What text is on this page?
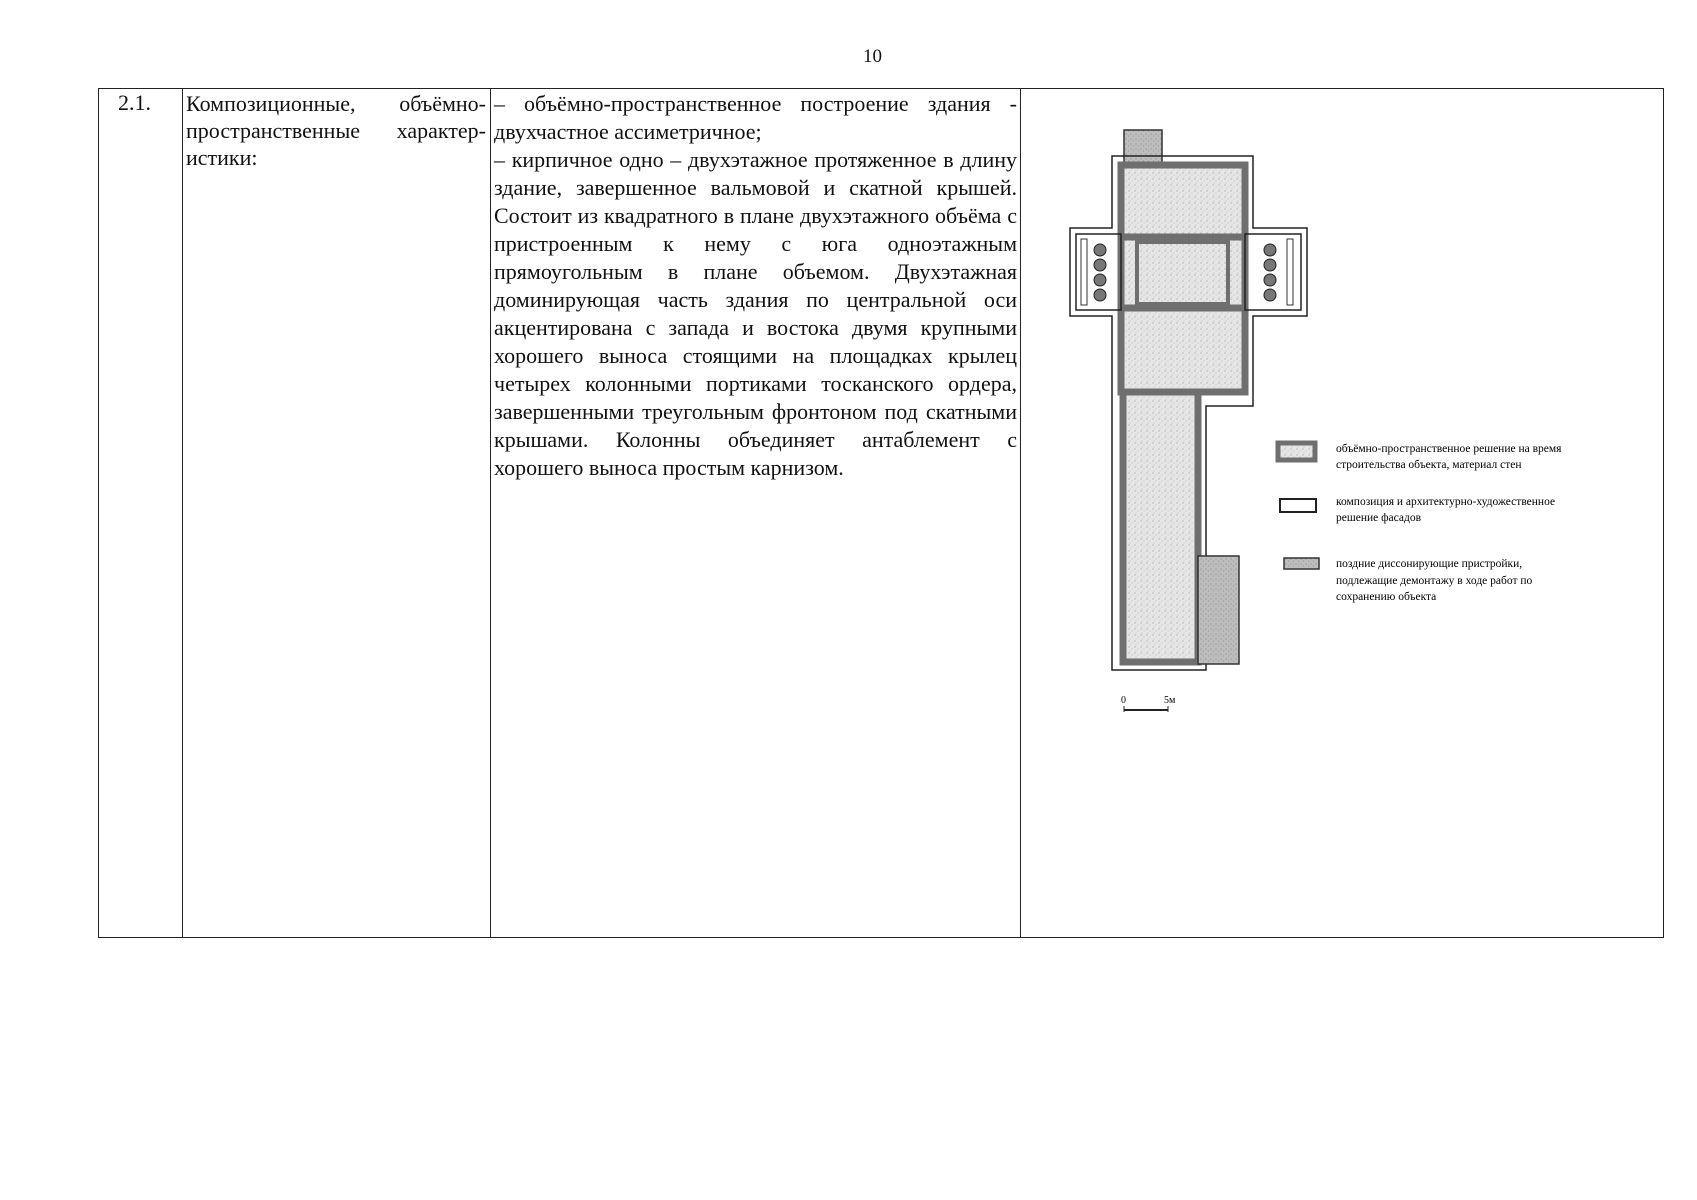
10
2.1. Композиционные, объёмно-пространственные характер-истики:

– объёмно-пространственное построение здания - двухчастное ассиметричное;

– кирпичное одно – двухэтажное протяженное в длину здание, завершенное вальмовой и скатной крышей. Состоит из квадратного в плане двухэтажного объёма с пристроенным к нему с юга одноэтажным прямоугольным в плане объемом. Двухэтажная доминирующая часть здания по центральной оси акцентирована с запада и востока двумя крупными хорошего выноса стоящими на площадках крылец четырех колонными портиками тосканского ордера, завершенными треугольным фронтоном под скатными крышами. Колонны объединяет антаблемент с хорошего выноса простым карнизом.

объёмно-пространственное решение на время
строительства объекта, материал стен
композиция и архитектурно-художественное
решение фасадов
поздние диссонирующие пристройки,
подлежащие демонтажу в ходе работ по
сохранению объекта
0	5м
